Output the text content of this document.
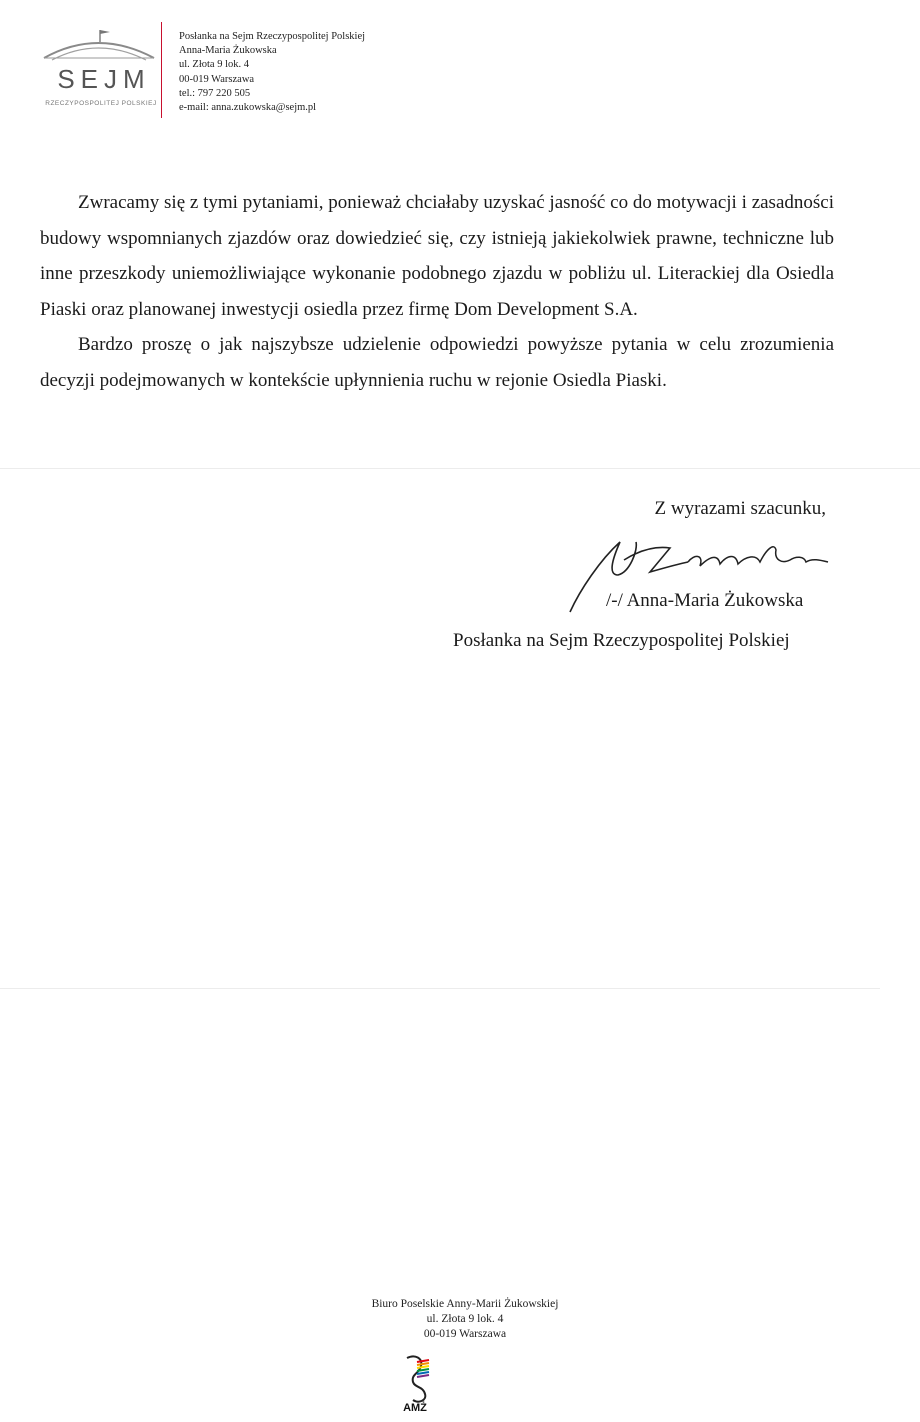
SEJM
RZECZYPOSPOLITEJ POLSKIEJ
Posłanka na Sejm Rzeczypospolitej Polskiej
Anna-Maria Żukowska
ul. Złota 9 lok. 4
00-019 Warszawa
tel.: 797 220 505
e-mail: anna.zukowska@sejm.pl

Zwracamy się z tymi pytaniami, ponieważ chciałaby uzyskać jasność co do motywacji i zasadności budowy wspomnianych zjazdów oraz dowiedzieć się, czy istnieją jakiekolwiek prawne, techniczne lub inne przeszkody uniemożliwiające wykonanie podobnego zjazdu w pobliżu ul. Literackiej dla Osiedla Piaski oraz planowanej inwestycji osiedla przez firmę Dom Development S.A.

Bardzo proszę o jak najszybsze udzielenie odpowiedzi powyższe pytania w celu zrozumienia decyzji podejmowanych w kontekście upłynnienia ruchu w rejonie Osiedla Piaski.

Z wyrazami szacunku,
/-/ Anna-Maria Żukowska
Posłanka na Sejm Rzeczypospolitej Polskiej
Biuro Poselskie Anny-Marii Żukowskiej
ul. Złota 9 lok. 4
00-019 Warszawa
AMŻ
